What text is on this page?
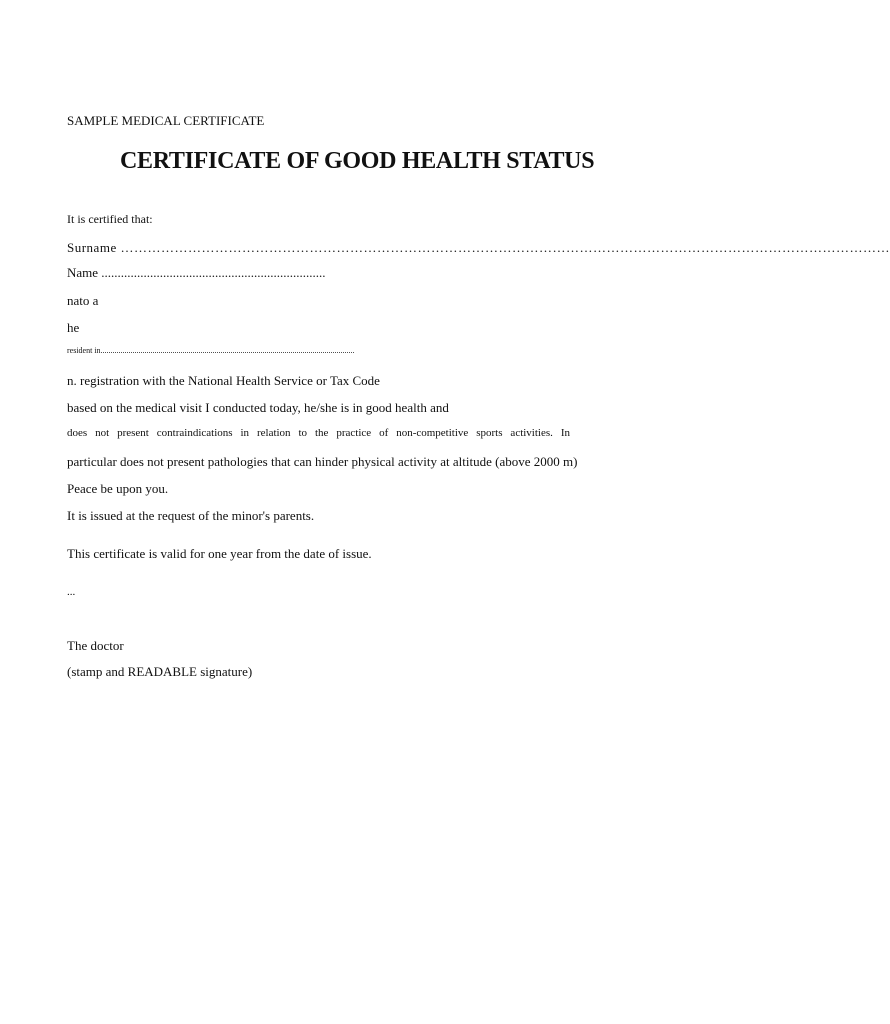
SAMPLE MEDICAL CERTIFICATE
CERTIFICATE OF GOOD HEALTH STATUS
It is certified that:
Surname ………………………………………………………………………………………………………………………………………………………
Name .....................................................................
nato a
he
resident in...............................................................................................................................
n. registration with the National Health Service or Tax Code
based on the medical visit I conducted today, he/she is in good health and
does not present contraindications in relation to the practice of non-competitive sports activities. In
particular does not present pathologies that can hinder physical activity at altitude (above 2000 m)
Peace be upon you.
It is issued at the request of the minor's parents.
This certificate is valid for one year from the date of issue.
...
The doctor
(stamp and READABLE signature)
